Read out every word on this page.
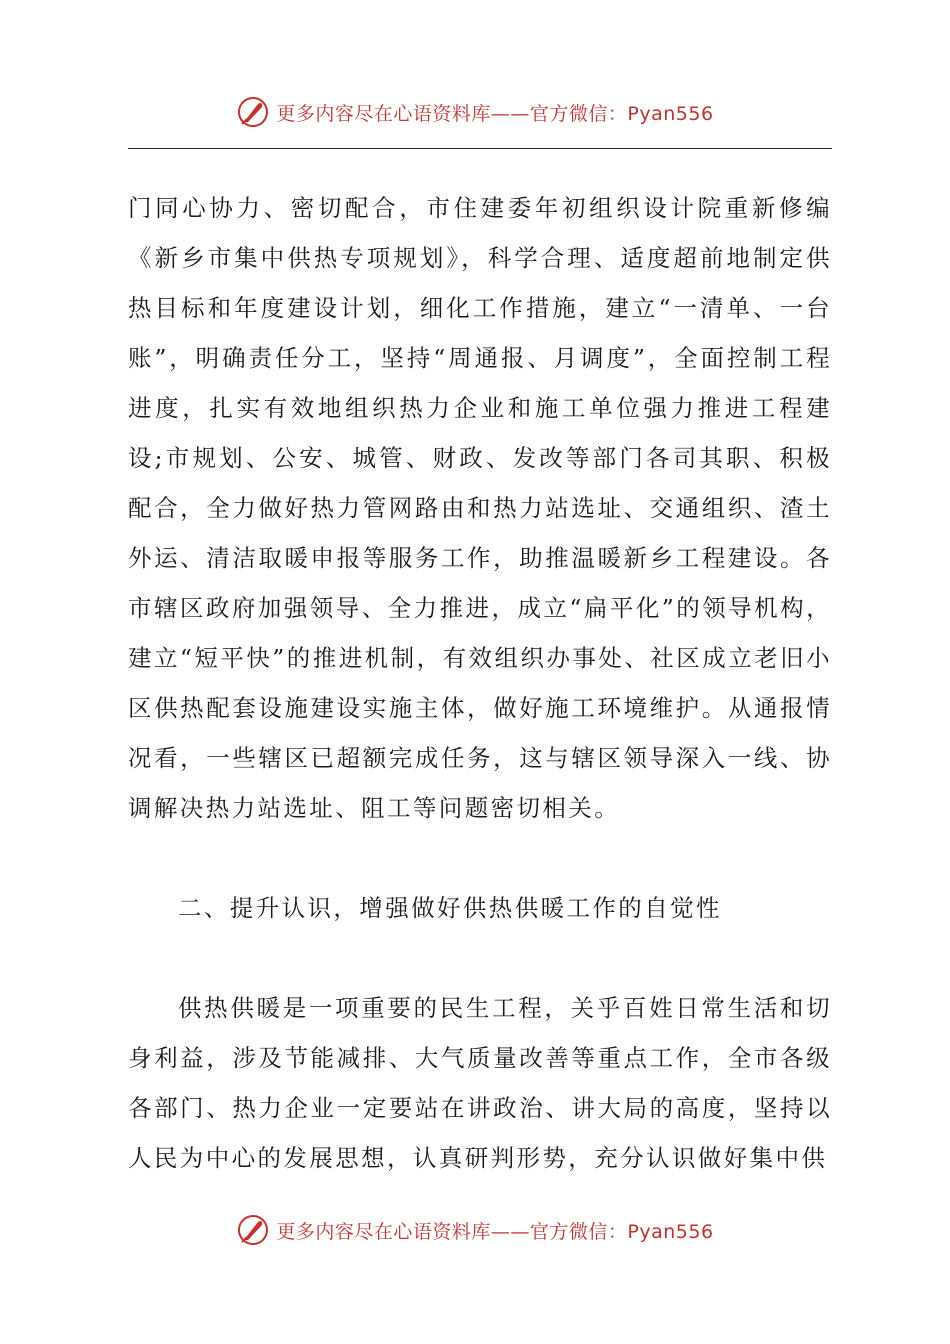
更多内容尽在心语资料库——官方微信：Pyan556

门同心协力、密切配合，市住建委年初组织设计院重新修编《新乡市集中供热专项规划》，科学合理、适度超前地制定供热目标和年度建设计划，细化工作措施，建立“一清单、一台账”，明确责任分工，坚持“周通报、月调度”，全面控制工程进度，扎实有效地组织热力企业和施工单位强力推进工程建设;市规划、公安、城管、财政、发改等部门各司其职、积极配合，全力做好热力管网路由和热力站选址、交通组织、渣土外运、清洁取暖申报等服务工作，助推温暖新乡工程建设。各市辖区政府加强领导、全力推进，成立“扁平化”的领导机构，建立“短平快”的推进机制，有效组织办事处、社区成立老旧小区供热配套设施建设实施主体，做好施工环境维护。从通报情况看，一些辖区已超额完成任务，这与辖区领导深入一线、协调解决热力站选址、阻工等问题密切相关。

二、提升认识，增强做好供热供暖工作的自觉性

供热供暖是一项重要的民生工程，关乎百姓日常生活和切身利益，涉及节能减排、大气质量改善等重点工作，全市各级各部门、热力企业一定要站在讲政治、讲大局的高度，坚持以人民为中心的发展思想，认真研判形势，充分认识做好集中供

更多内容尽在心语资料库——官方微信：Pyan556
